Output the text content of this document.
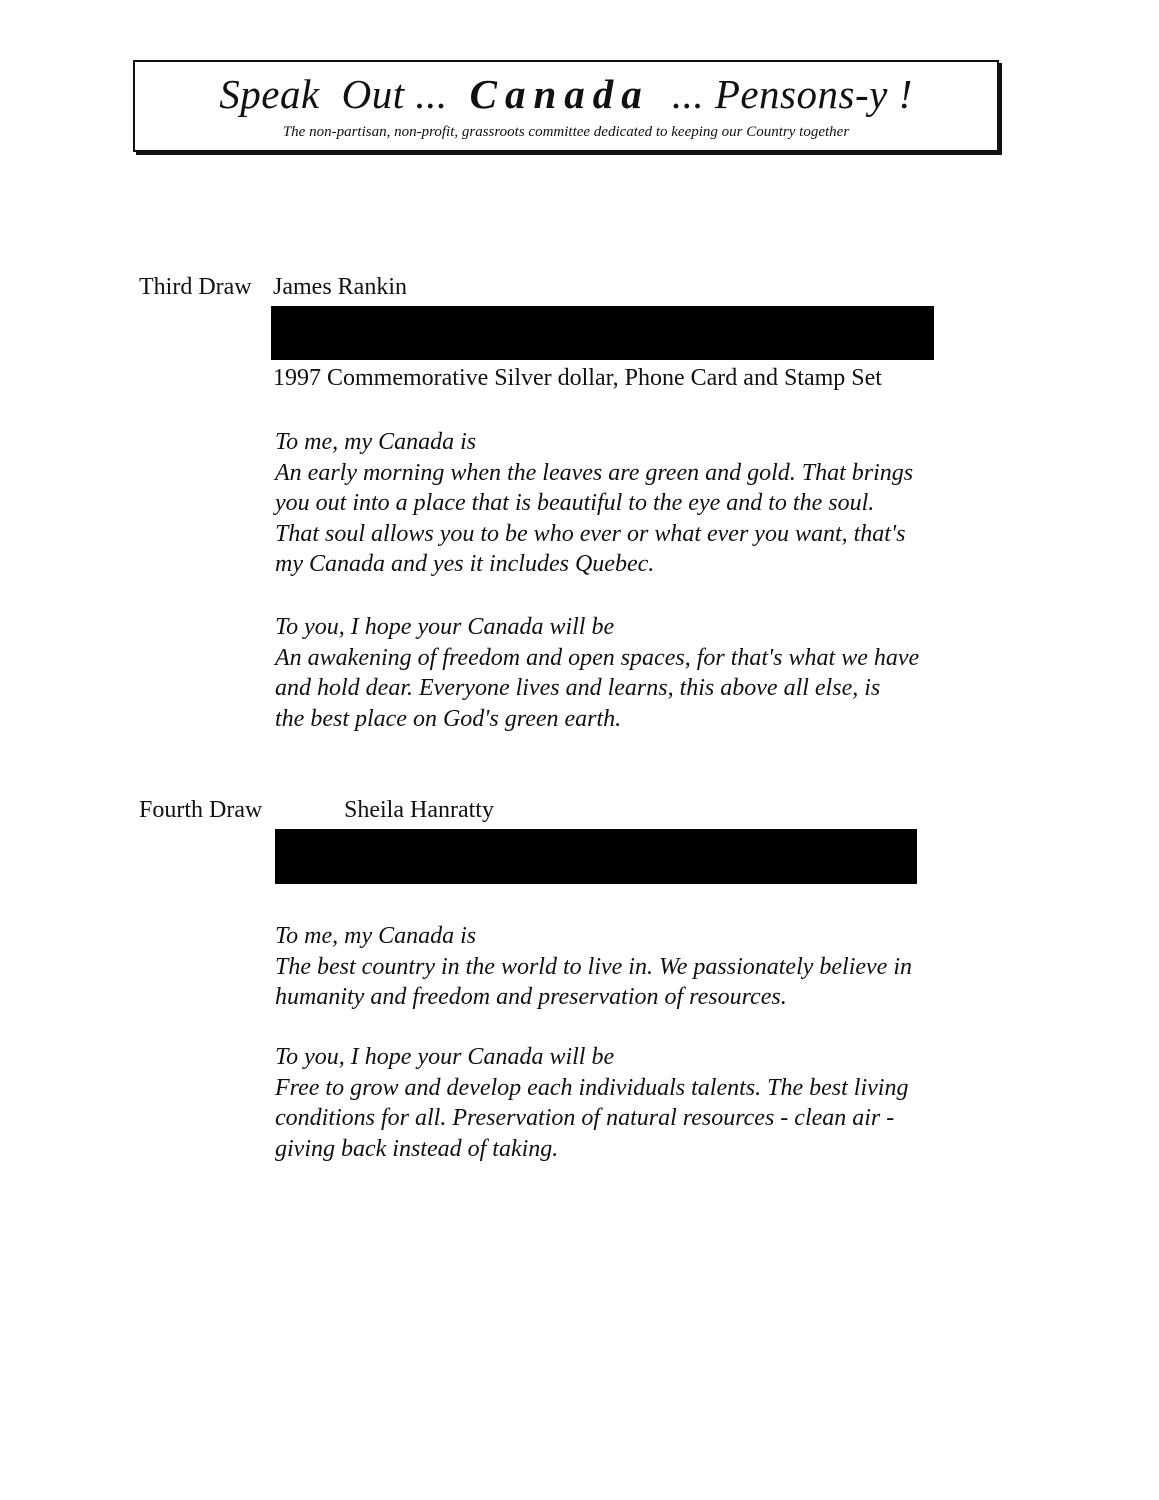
Speak Out ... Canada ... Pensons-y !
The non-partisan, non-profit, grassroots committee dedicated to keeping our Country together
Third Draw James Rankin
1997 Commemorative Silver dollar, Phone Card and Stamp Set
To me, my Canada is
An early morning when the leaves are green and gold. That brings
you out into a place that is beautiful to the eye and to the soul.
That soul allows you to be who ever or what ever you want, that's
my Canada and yes it includes Quebec.
To you, I hope your Canada will be
An awakening of freedom and open spaces, for that's what we have
and hold dear. Everyone lives and learns, this above all else, is
the best place on God's green earth.
Fourth Draw	Sheila Hanratty
To me, my Canada is
The best country in the world to live in. We passionately believe in
humanity and freedom and preservation of resources.
To you, I hope your Canada will be
Free to grow and develop each individuals talents. The best living
conditions for all. Preservation of natural resources - clean air -
giving back instead of taking.
